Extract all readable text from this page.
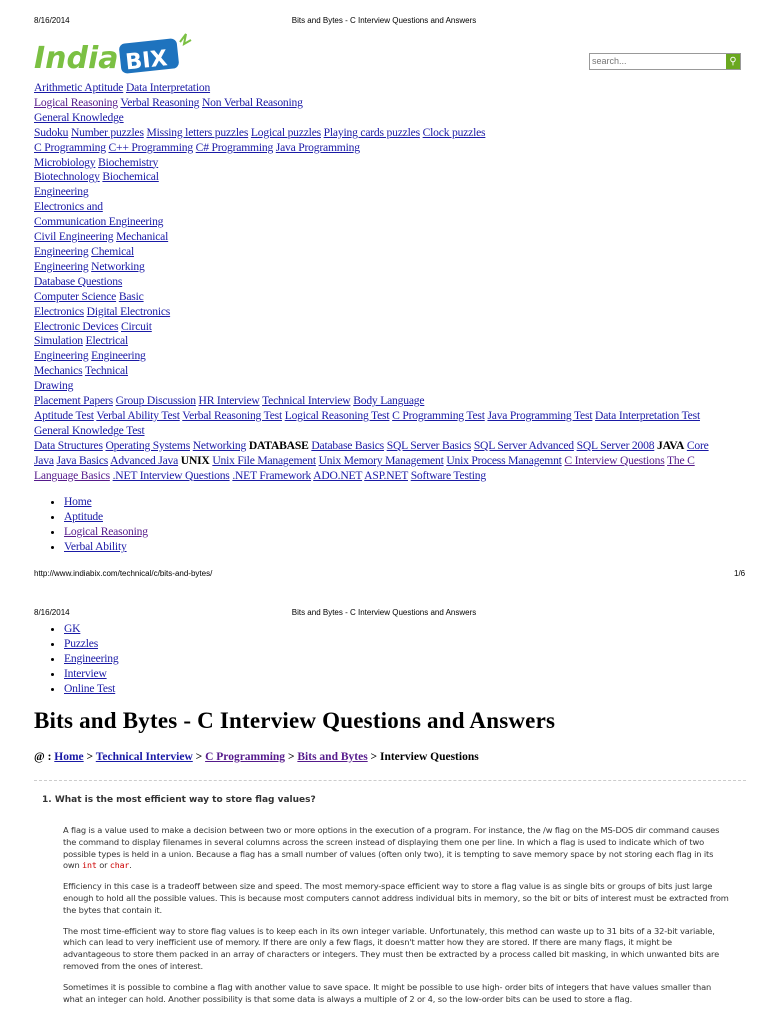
8/16/2014	Bits and Bytes - C Interview Questions and Answers
India BIX
search...	⚲
Arithmetic Aptitude Data Interpretation
Logical Reasoning Verbal Reasoning Non Verbal Reasoning
General Knowledge
Sudoku Number puzzles Missing letters puzzles Logical puzzles Playing cards puzzles Clock puzzles
C Programming C++ Programming C# Programming Java Programming
Microbiology Biochemistry
Biotechnology Biochemical
Engineering
Electronics and
Communication Engineering
Civil Engineering Mechanical
Engineering Chemical
Engineering Networking
Database Questions
Computer Science Basic
Electronics Digital Electronics
Electronic Devices Circuit
Simulation Electrical
Engineering Engineering
Mechanics Technical
Drawing
Placement Papers Group Discussion HR Interview Technical Interview Body Language
Aptitude Test Verbal Ability Test Verbal Reasoning Test Logical Reasoning Test C Programming Test Java Programming Test Data Interpretation Test
General Knowledge Test
Data Structures Operating Systems Networking DATABASE Database Basics SQL Server Basics SQL Server Advanced SQL Server 2008 JAVA Core
Java Java Basics Advanced Java UNIX Unix File Management Unix Memory Management Unix Process Managemnt C Interview Questions The C
Language Basics .NET Interview Questions .NET Framework ADO.NET ASP.NET Software Testing
• Home
• Aptitude
• Logical Reasoning
• Verbal Ability
http://www.indiabix.com/technical/c/bits-and-bytes/	1/6
8/16/2014	Bits and Bytes - C Interview Questions and Answers
• GK
• Puzzles
• Engineering
• Interview
• Online Test
Bits and Bytes - C Interview Questions and Answers
@ : Home > Technical Interview > C Programming > Bits and Bytes > Interview Questions
1. What is the most efficient way to store flag values?

A flag is a value used to make a decision between two or more options in the execution of a program. For instance, the /w flag on the MS-DOS dir command causes the command to display filenames in several columns across the screen instead of displaying them one per line. In which a flag is used to indicate which of two possible types is held in a union. Because a flag has a small number of values (often only two), it is tempting to save memory space by not storing each flag in its own int or char.

Efficiency in this case is a tradeoff between size and speed. The most memory-space efficient way to store a flag value is as single bits or groups of bits just large enough to hold all the possible values. This is because most computers cannot address individual bits in memory, so the bit or bits of interest must be extracted from the bytes that contain it.

The most time-efficient way to store flag values is to keep each in its own integer variable. Unfortunately, this method can waste up to 31 bits of a 32-bit variable, which can lead to very inefficient use of memory. If there are only a few flags, it doesn't matter how they are stored. If there are many flags, it might be advantageous to store them packed in an array of characters or integers. They must then be extracted by a process called bit masking, in which unwanted bits are removed from the ones of interest.

Sometimes it is possible to combine a flag with another value to save space. It might be possible to use high- order bits of integers that have values smaller than what an integer can hold. Another possibility is that some data is always a multiple of 2 or 4, so the low-order bits can be used to store a flag.
